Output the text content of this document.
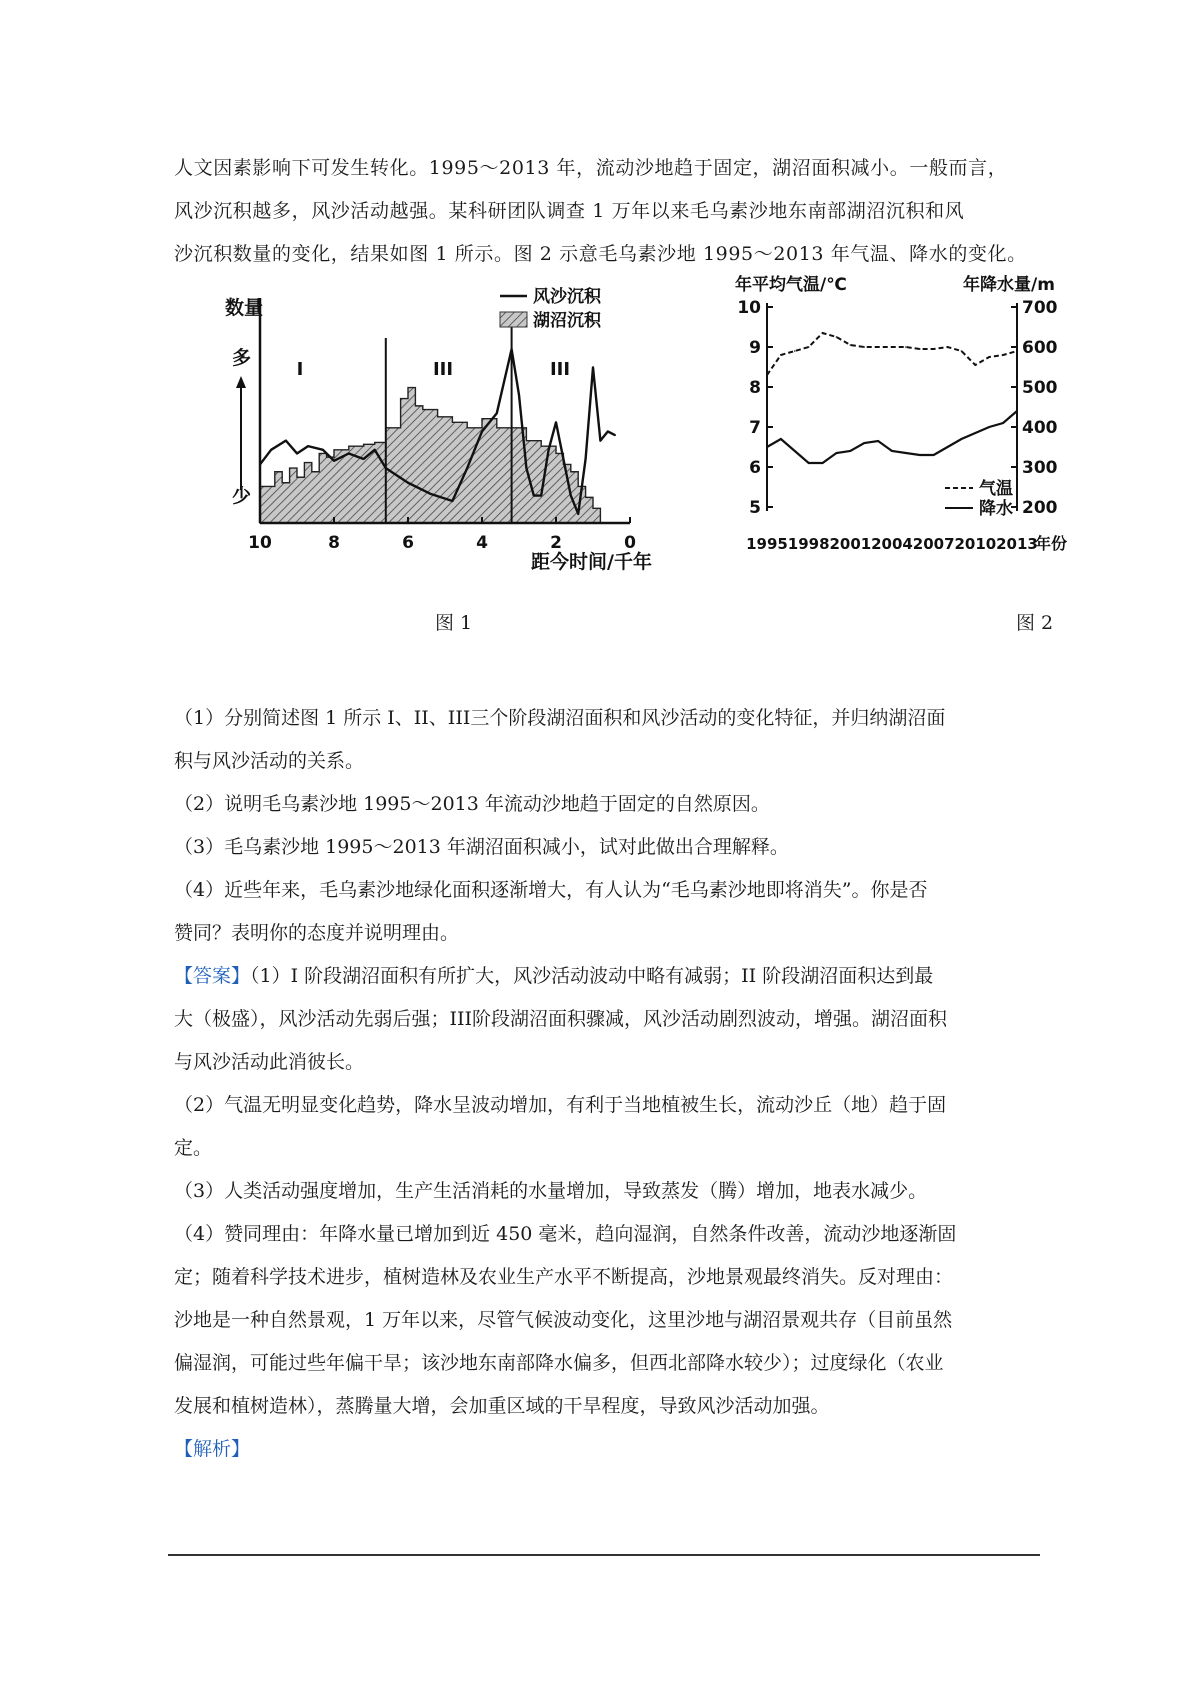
人文因素影响下可发生转化。1995～2013 年，流动沙地趋于固定，湖沼面积减小。一般而言，

风沙沉积越多，风沙活动越强。某科研团队调查 1 万年以来毛乌素沙地东南部湖沼沉积和风

沙沉积数量的变化，结果如图 1 所示。图 2 示意毛乌素沙地 1995～2013 年气温、降水的变化。

10	8	6	4	2	0
数量
多
少
距今时间/千年
风沙沉积
湖沼沉积
I	III	III
年平均气温/℃	年降水量/m
5
6
7
8
9
10
200
300
400
500
600
700
1995 1998 2001 2004 2007 2010 2013
年份
气温
降水
图 1	图 2

（1）分别简述图 1 所示 I、II、III三个阶段湖沼面积和风沙活动的变化特征，并归纳湖沼面

积与风沙活动的关系。

（2）说明毛乌素沙地 1995～2013 年流动沙地趋于固定的自然原因。

（3）毛乌素沙地 1995～2013 年湖沼面积减小，试对此做出合理解释。

（4）近些年来，毛乌素沙地绿化面积逐渐增大，有人认为“毛乌素沙地即将消失”。你是否

赞同？表明你的态度并说明理由。

【答案】（1）I 阶段湖沼面积有所扩大，风沙活动波动中略有减弱；II 阶段湖沼面积达到最

大（极盛），风沙活动先弱后强；III阶段湖沼面积骤减，风沙活动剧烈波动，增强。湖沼面积

与风沙活动此消彼长。

（2）气温无明显变化趋势，降水呈波动增加，有利于当地植被生长，流动沙丘（地）趋于固

定。

（3）人类活动强度增加，生产生活消耗的水量增加，导致蒸发（腾）增加，地表水减少。

（4）赞同理由：年降水量已增加到近 450 毫米，趋向湿润，自然条件改善，流动沙地逐渐固

定；随着科学技术进步，植树造林及农业生产水平不断提高，沙地景观最终消失。反对理由：

沙地是一种自然景观，1 万年以来，尽管气候波动变化，这里沙地与湖沼景观共存（目前虽然

偏湿润，可能过些年偏干旱；该沙地东南部降水偏多，但西北部降水较少）；过度绿化（农业

发展和植树造林），蒸腾量大增，会加重区域的干旱程度，导致风沙活动加强。

【解析】
